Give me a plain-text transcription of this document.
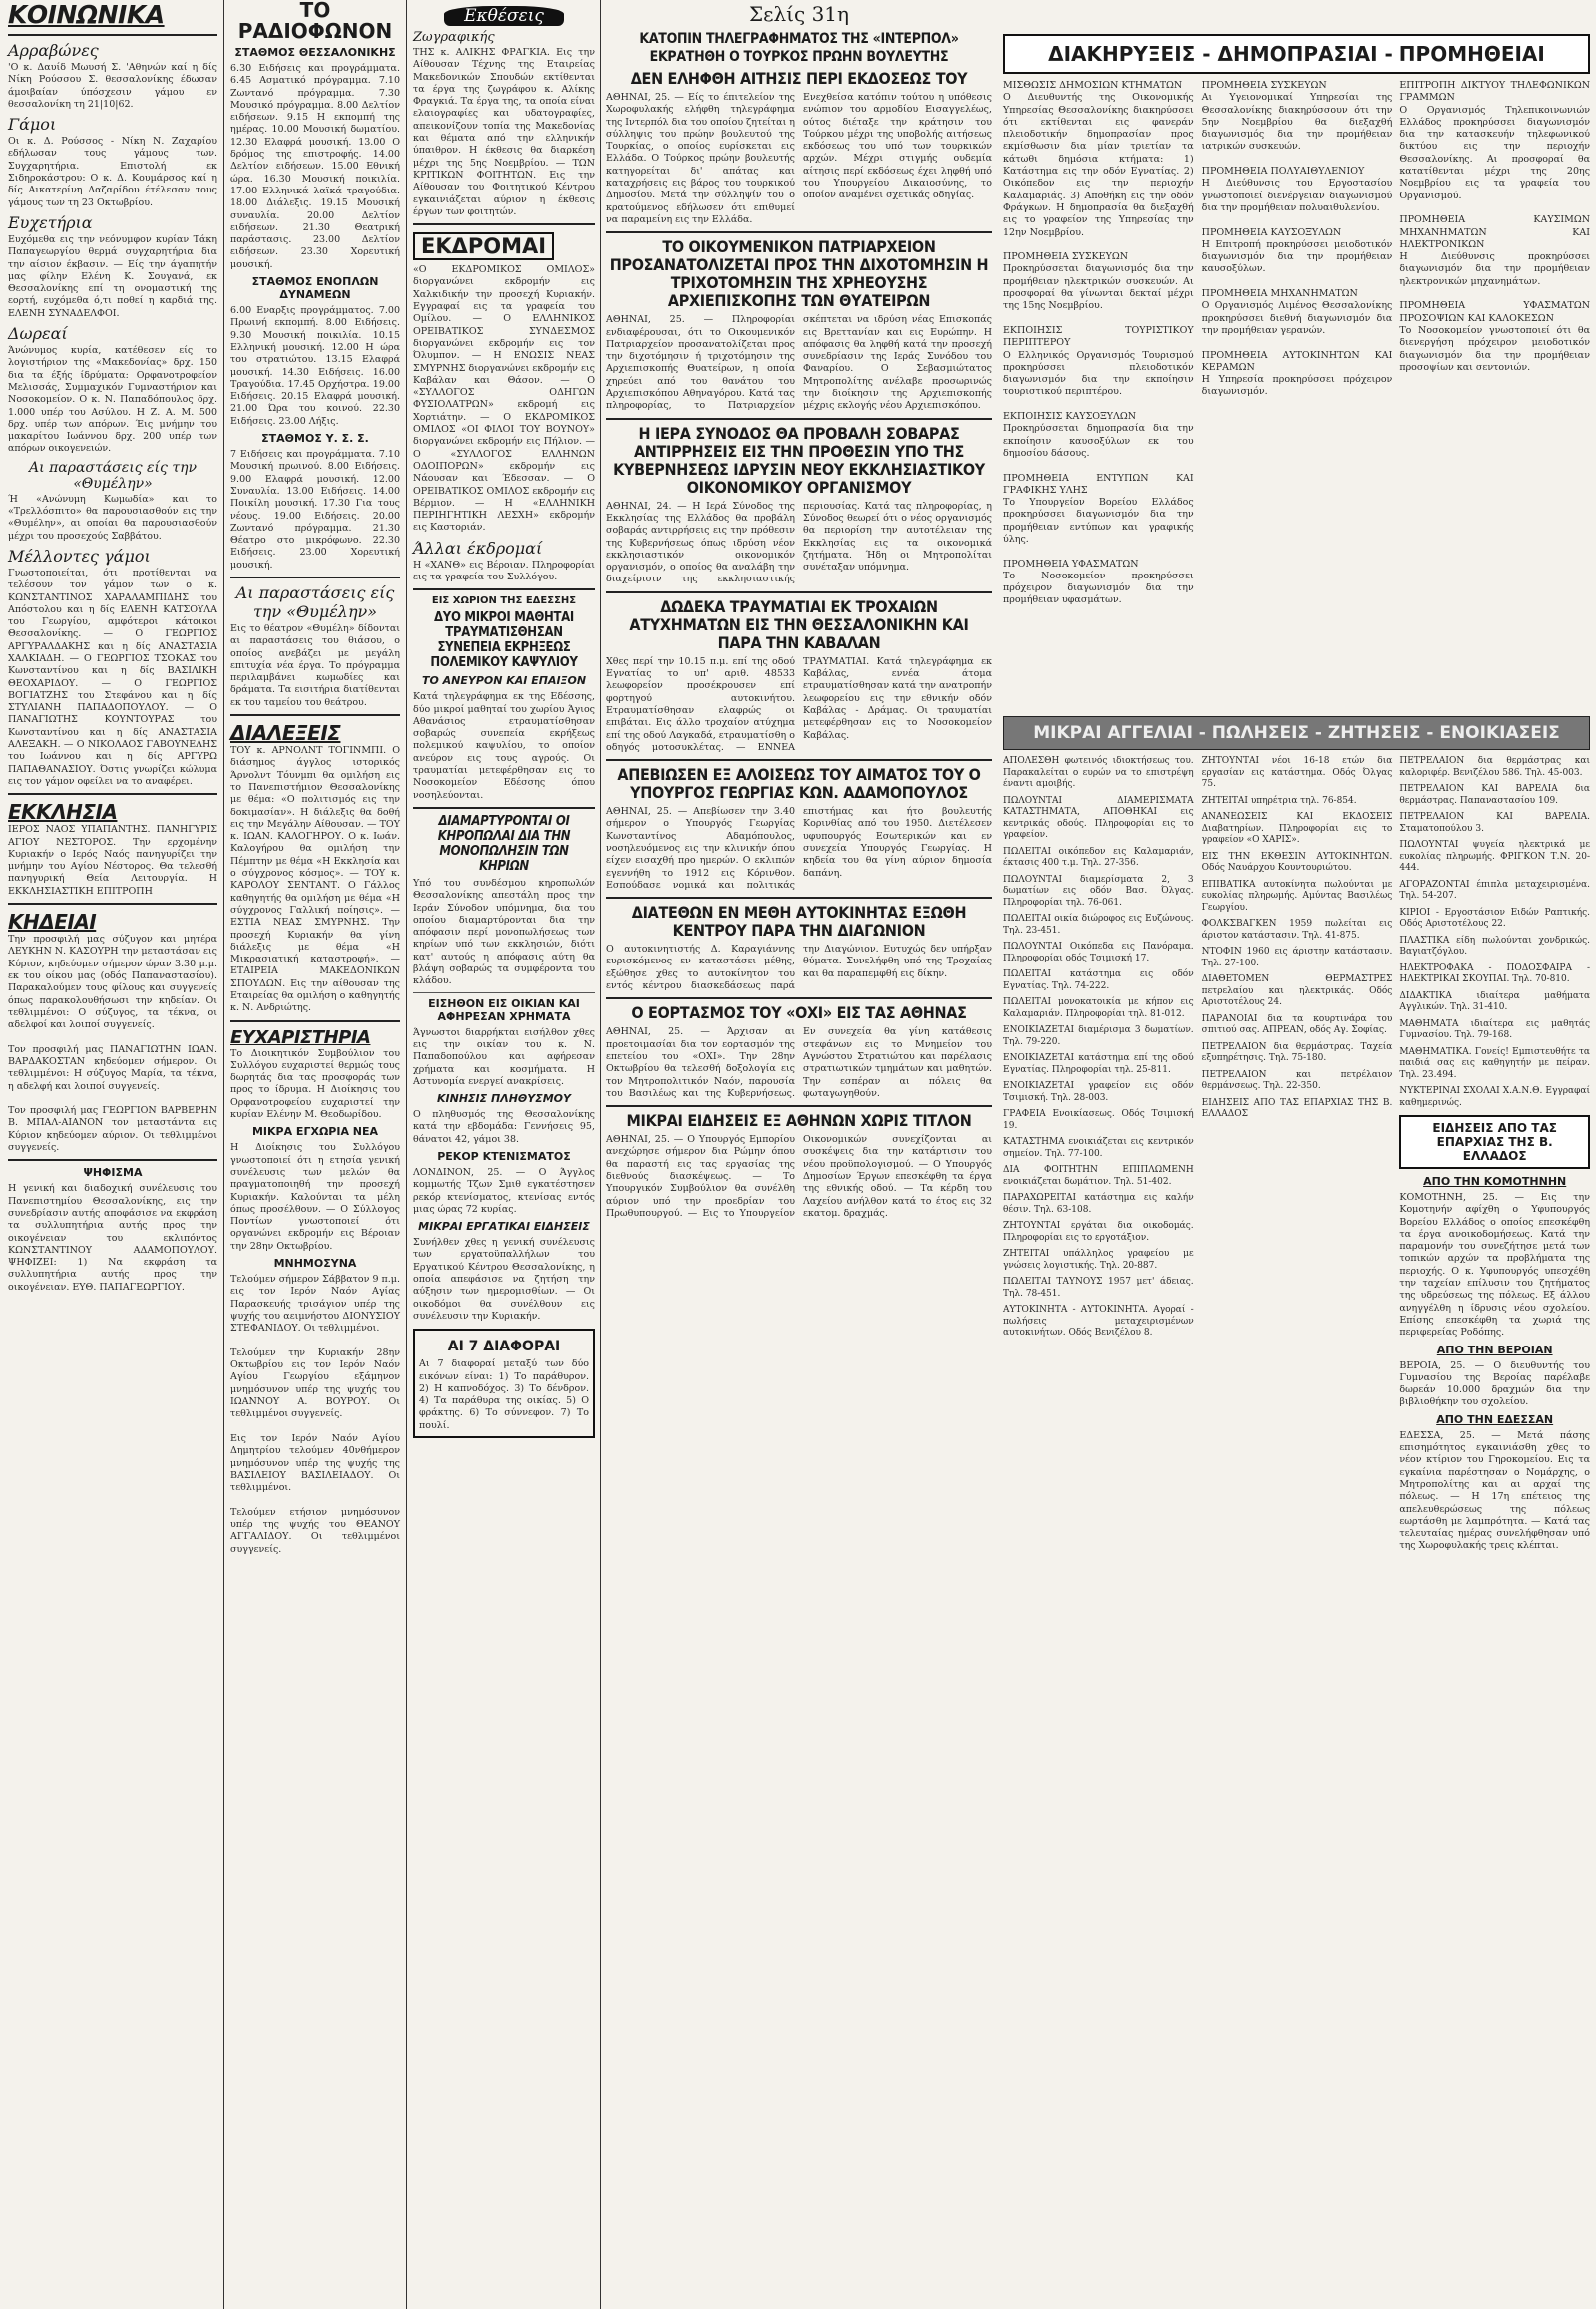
ΚΟΙΝΩΝΙΚΑ
Αρραβώνες
'Ο κ. Δαυίδ Μωυσή Σ. 'Αθηνών καί η δίς Νίκη Ρούσσου Σ. θεσσαλονίκης έδωσαν άμοιβαίαν ύπόσχεσιν γάμου εν θεσσαλονίκη τη 21|10|62.
Γάμοι
Οι κ. Δ. Ρούσσος - Νίκη Ν. Ζαχαρίου εδήλωσαν τους γάμους των. Συγχαρητήρια. Επιστολή εκ Σιδηροκάστρου: Ο κ. Δ. Κουμάρσος καί η δίς Αικατερίνη Λαζαρίδου έτέλεσαν τους γάμους των τη 23 Οκτωβρίου.
Ευχετήρια
Ευχόμεθα εις την νεόνυμφον κυρίαν Τάκη Παπαγεωργίου θερμά συγχαρητήρια δια την αίσιον έκβασιν. — Είς την άγαπητήν μας φίλην Ελένη Κ. Σουγανά, εκ Θεσσαλονίκης επί τη ονομαστική της εορτή, ευχόμεθα ό,τι ποθεί η καρδιά της. ΕΛΕΝΗ ΣΥΝΑΔΕΛΦΟΙ.
Δωρεαί
Άνώνυμος κυρία, κατέθεσεν είς το λογιστήριον της «Μακεδονίας» δρχ. 150 δια τα έξής ίδρύματα: Ορφανοτροφείον Μελισσάς, Συμμαχικόν Γυμναστήριον και Νοσοκομείον. Ο κ. Ν. Παπαδόπουλος δρχ. 1.000 υπέρ του Ασύλου. Η Ζ. Α. Μ. 500 δρχ. υπέρ των απόρων. Έις μνήμην του μακαρίτου Ιωάννου δρχ. 200 υπέρ των απόρων οικογενειών.
Αι παραστάσεις είς την «Θυμέλην»
Ή «Ανώνυμη Κωμωδία» και το «Τρελλόσπιτο» θα παρουσιασθούν εις την «Θυμέλην», αι οποίαι θα παρουσιασθούν μέχρι του προσεχούς Σαββάτου.
Μέλλοντες γάμοι
Γνωστοποιείται, ότι προτίθενται να τελέσουν τον γάμον των ο κ. ΚΩΝΣΤΑΝΤΙΝΟΣ ΧΑΡΑΛΑΜΠΙΔΗΣ του Απόστολου και η δίς ΕΛΕΝΗ ΚΑΤΣΟΥΛΑ του Γεωργίου, αμφότεροι κάτοικοι Θεσσαλονίκης. — Ο ΓΕΩΡΓΙΟΣ ΑΡΓΥΡΑΛΔΑΚΗΣ και η δίς ΑΝΑΣΤΑΣΙΑ ΧΑΛΚΙΑΔΗ. — Ο ΓΕΩΡΓΙΟΣ ΤΣΟΚΑΣ του Κωνσταντίνου και η δίς ΒΑΣΙΛΙΚΗ ΘΕΟΧΑΡΙΔΟΥ. — Ο ΓΕΩΡΓΙΟΣ ΒΟΓΙΑΤΖΗΣ του Στεφάνου και η δίς ΣΤΥΛΙΑΝΗ ΠΑΠΑΔΟΠΟΥΛΟΥ. — Ο ΠΑΝΑΓΙΩΤΗΣ ΚΟΥΝΤΟΥΡΑΣ του Κωνσταντίνου και η δίς ΑΝΑΣΤΑΣΙΑ ΑΛΕΞΑΚΗ. — Ο ΝΙΚΟΛΑΟΣ ΓΑΒΟΥΝΕΛΗΣ του Ιωάννου και η δίς ΑΡΓΥΡΩ ΠΑΠΑΘΑΝΑΣΙΟΥ. Όστις γνωρίζει κώλυμα εις τον γάμον οφείλει να το αναφέρει.
ΕΚΚΛΗΣΙΑ
ΙΕΡΟΣ ΝΑΟΣ ΥΠΑΠΑΝΤΗΣ. ΠΑΝΗΓΥΡΙΣ ΑΓΙΟΥ ΝΕΣΤΟΡΟΣ. Την ερχομένην Κυριακήν ο Ιερός Ναός πανηγυρίζει την μνήμην του Αγίου Νέστορος. Θα τελεσθή πανηγυρική Θεία Λειτουργία. Η ΕΚΚΛΗΣΙΑΣΤΙΚΗ ΕΠΙΤΡΟΠΗ
ΚΗΔΕΙΑΙ
Την προσφιλή μας σύζυγον και μητέρα ΛΕΥΚΗΝ Ν. ΚΑΣΟΥΡΗ την μεταστάσαν εις Κύριον, κηδεύομεν σήμερον ώραν 3.30 μ.μ. εκ του οίκου μας (οδός Παπαναστασίου). Παρακαλούμεν τους φίλους και συγγενείς όπως παρακολουθήσωσι την κηδείαν. Οι τεθλιμμένοι: Ο σύζυγος, τα τέκνα, οι αδελφοί και λοιποί συγγενείς.

Τον προσφιλή μας ΠΑΝΑΓΙΩΤΗΝ ΙΩΑΝ. ΒΑΡΔΑΚΟΣΤΑΝ κηδεύομεν σήμερον. Οι τεθλιμμένοι: Η σύζυγος Μαρία, τα τέκνα, η αδελφή και λοιποί συγγενείς.

Τον προσφιλή μας ΓΕΩΡΓΙΟΝ ΒΑΡΒΕΡΗΝ Β. ΜΠΑΛ-ΑΙΑΝΟΝ τον μεταστάντα εις Κύριον κηδεύομεν αύριον. Οι τεθλιμμένοι συγγενείς.
ΨΗΦΙΣΜΑ
Η γενική και διαδοχική συνέλευσις του Πανεπιστημίου Θεσσαλονίκης, εις την συνεδρίασιν αυτής αποφάσισε να εκφράση τα συλλυπητήρια αυτής προς την οικογένειαν του εκλιπόντος ΚΩΝΣΤΑΝΤΙΝΟΥ ΑΔΑΜΟΠΟΥΛΟΥ. ΨΗΦΙΖΕΙ: 1) Να εκφράση τα συλλυπητήρια αυτής προς την οικογένειαν. ΕΥΘ. ΠΑΠΑΓΕΩΡΓΙΟΥ.
ΤΟ ΡΑΔΙΟΦΩΝΟΝ
ΣΤΑΘΜΟΣ ΘΕΣΣΑΛΟΝΙΚΗΣ
6.30 Ειδήσεις και προγράμματα. 6.45 Ασματικό πρόγραμμα. 7.10 Ζωντανό πρόγραμμα. 7.30 Μουσικό πρόγραμμα. 8.00 Δελτίον ειδήσεων. 9.15 Η εκπομπή της ημέρας. 10.00 Μουσική δωματίου. 12.30 Ελαφρά μουσική. 13.00 Ο δρόμος της επιστροφής. 14.00 Δελτίον ειδήσεων. 15.00 Εθνική ώρα. 16.30 Μουσική ποικιλία. 17.00 Ελληνικά λαϊκά τραγούδια. 18.00 Διάλεξις. 19.15 Μουσική συναυλία. 20.00 Δελτίον ειδήσεων. 21.30 Θεατρική παράστασις. 23.00 Δελτίον ειδήσεων. 23.30 Χορευτική μουσική.
ΣΤΑΘΜΟΣ ΕΝΟΠΛΩΝ ΔΥΝΑΜΕΩΝ
6.00 Εναρξις προγράμματος. 7.00 Πρωινή εκπομπή. 8.00 Ειδήσεις. 9.30 Μουσική ποικιλία. 10.15 Ελληνική μουσική. 12.00 Η ώρα του στρατιώτου. 13.15 Ελαφρά μουσική. 14.30 Ειδήσεις. 16.00 Τραγούδια. 17.45 Ορχήστρα. 19.00 Ειδήσεις. 20.15 Ελαφρά μουσική. 21.00 Ώρα του κοινού. 22.30 Ειδήσεις. 23.00 Λήξις.
ΣΤΑΘΜΟΣ Υ. Σ. Σ.
7 Ειδήσεις και προγράμματα. 7.10 Μουσική πρωινού. 8.00 Ειδήσεις. 9.00 Ελαφρά μουσική. 12.00 Συναυλία. 13.00 Ειδήσεις. 14.00 Ποικίλη μουσική. 17.30 Για τους νέους. 19.00 Ειδήσεις. 20.00 Ζωντανό πρόγραμμα. 21.30 Θέατρο στο μικρόφωνο. 22.30 Ειδήσεις. 23.00 Χορευτική μουσική.
Αι παραστάσεις είς την «Θυμέλην»
Εις το θέατρον «Θυμέλη» δίδονται αι παραστάσεις του θιάσου, ο οποίος ανεβάζει με μεγάλη επιτυχία νέα έργα. Το πρόγραμμα περιλαμβάνει κωμωδίες και δράματα. Τα εισιτήρια διατίθενται εκ του ταμείου του θεάτρου.
ΔΙΑΛΕΞΕΙΣ
ΤΟΥ κ. ΑΡΝΟΛΝΤ ΤΟΓΙΝΜΠΙ. Ο διάσημος άγγλος ιστορικός Άρνολντ Τόυνμπι θα ομιλήση εις το Πανεπιστήμιον Θεσσαλονίκης με θέμα: «Ο πολιτισμός εις την δοκιμασίαν». Η διάλεξις θα δοθή εις την Μεγάλην Αίθουσαν. — ΤΟΥ κ. ΙΩΑΝ. ΚΑΛΟΓΗΡΟΥ. Ο κ. Ιωάν. Καλογήρου θα ομιλήση την Πέμπτην με θέμα «Η Εκκλησία και ο σύγχρονος κόσμος». — ΤΟΥ κ. ΚΑΡΟΛΟΥ ΣΕΝΤΑΝΤ. Ο Γάλλος καθηγητής θα ομιλήση με θέμα «Η σύγχρονος Γαλλική ποίησις». — ΕΣΤΙΑ ΝΕΑΣ ΣΜΥΡΝΗΣ. Την προσεχή Κυριακήν θα γίνη διάλεξις με θέμα «Η Μικρασιατική καταστροφή». — ΕΤΑΙΡΕΙΑ ΜΑΚΕΔΟΝΙΚΩΝ ΣΠΟΥΔΩΝ. Εις την αίθουσαν της Εταιρείας θα ομιλήση ο καθηγητής κ. Ν. Ανδριώτης.
ΕΥΧΑΡΙΣΤΗΡΙΑ
Το Διοικητικόν Συμβούλιον του Συλλόγου ευχαριστεί θερμώς τους δωρητάς δια τας προσφοράς των προς το ίδρυμα. Η Διοίκησις του Ορφανοτροφείου ευχαριστεί την κυρίαν Ελένην Μ. Θεοδωρίδου.
ΜΙΚΡΑ ΕΓΧΩΡΙΑ ΝΕΑ
Η Διοίκησις του Συλλόγου γνωστοποιεί ότι η ετησία γενική συνέλευσις των μελών θα πραγματοποιηθή την προσεχή Κυριακήν. Καλούνται τα μέλη όπως προσέλθουν. — Ο Σύλλογος Ποντίων γνωστοποιεί ότι οργανώνει εκδρομήν εις Βέροιαν την 28ην Οκτωβρίου.
ΜΝΗΜΟΣΥΝΑ
Τελούμεν σήμερον Σάββατον 9 π.μ. εις τον Ιερόν Ναόν Αγίας Παρασκευής τρισάγιον υπέρ της ψυχής του αειμνήστου ΔΙΟΝΥΣΙΟΥ ΣΤΕΦΑΝΙΔΟΥ. Οι τεθλιμμένοι.

Τελούμεν την Κυριακήν 28ην Οκτωβρίου εις τον Ιερόν Ναόν Αγίου Γεωργίου εξάμηνον μνημόσυνον υπέρ της ψυχής του ΙΩΑΝΝΟΥ Α. ΒΟΥΡΟΥ. Οι τεθλιμμένοι συγγενείς.

Εις τον Ιερόν Ναόν Αγίου Δημητρίου τελούμεν 40νθήμερον μνημόσυνον υπέρ της ψυχής της ΒΑΣΙΛΕΙΟΥ ΒΑΣΙΛΕΙΑΔΟΥ. Οι τεθλιμμένοι.

Τελούμεν ετήσιον μνημόσυνον υπέρ της ψυχής του ΘΕΑΝΟΥ ΑΓΓΑΛΙΔΟΥ. Οι τεθλιμμένοι συγγενείς.
Εκθέσεις
Ζωγραφικής
ΤΗΣ κ. ΑΛΙΚΗΣ ΦΡΑΓΚΙΑ. Εις την Αίθουσαν Τέχνης της Εταιρείας Μακεδονικών Σπουδών εκτίθενται τα έργα της ζωγράφου κ. Αλίκης Φραγκιά. Τα έργα της, τα οποία είναι ελαιογραφίες και υδατογραφίες, απεικονίζουν τοπία της Μακεδονίας και θέματα από την ελληνικήν ύπαιθρον. Η έκθεσις θα διαρκέση μέχρι της 5ης Νοεμβρίου. — ΤΩΝ ΚΡΙΤΙΚΩΝ ΦΟΙΤΗΤΩΝ. Εις την Αίθουσαν του Φοιτητικού Κέντρου εγκαινιάζεται αύριον η έκθεσις έργων των φοιτητών.
ΕΚΔΡΟΜΑΙ
«Ο ΕΚΔΡΟΜΙΚΟΣ ΟΜΙΛΟΣ» διοργανώνει εκδρομήν εις Χαλκιδικήν την προσεχή Κυριακήν. Εγγραφαί εις τα γραφεία του Ομίλου. — Ο ΕΛΛΗΝΙΚΟΣ ΟΡΕΙΒΑΤΙΚΟΣ ΣΥΝΔΕΣΜΟΣ διοργανώνει εκδρομήν εις τον Όλυμπον. — Η ΕΝΩΣΙΣ ΝΕΑΣ ΣΜΥΡΝΗΣ διοργανώνει εκδρομήν εις Καβάλαν και Θάσον. — Ο «ΣΥΛΛΟΓΟΣ ΟΔΗΓΩΝ ΦΥΣΙΟΛΑΤΡΩΝ» εκδρομή εις Χορτιάτην. — Ο ΕΚΔΡΟΜΙΚΟΣ ΟΜΙΛΟΣ «ΟΙ ΦΙΛΟΙ ΤΟΥ ΒΟΥΝΟΥ» διοργανώνει εκδρομήν εις Πήλιον. — Ο «ΣΥΛΛΟΓΟΣ ΕΛΛΗΝΩΝ ΟΔΟΙΠΟΡΩΝ» εκδρομήν εις Νάουσαν και Έδεσσαν. — Ο ΟΡΕΙΒΑΤΙΚΟΣ ΟΜΙΛΟΣ εκδρομήν εις Βέρμιον. — Η «ΕΛΛΗΝΙΚΗ ΠΕΡΙΗΓΗΤΙΚΗ ΛΕΣΧΗ» εκδρομήν εις Καστοριάν.
Άλλαι έκδρομαί
Η «ΧΑΝΘ» εις Βέροιαν. Πληροφορίαι εις τα γραφεία του Συλλόγου.
ΕΙΣ ΧΩΡΙΟΝ ΤΗΣ ΕΔΕΣΣΗΣ
ΔΥΟ ΜΙΚΡΟΙ ΜΑΘΗΤΑΙ ΤΡΑΥΜΑΤΙΣΘΗΣΑΝ ΣΥΝΕΠΕΙΑ ΕΚΡΗΞΕΩΣ ΠΟΛΕΜΙΚΟΥ ΚΑΨΥΛΙΟΥ
ΤΟ ΑΝΕΥΡΟΝ ΚΑΙ ΕΠΑΙΞΟΝ
Κατά τηλεγράφημα εκ της Εδέσσης, δύο μικροί μαθηταί του χωρίου Άγιος Αθανάσιος ετραυματίσθησαν σοβαρώς συνεπεία εκρήξεως πολεμικού καψυλίου, το οποίον ανεύρον εις τους αγρούς. Οι τραυματίαι μετεφέρθησαν εις το Νοσοκομείον Εδέσσης όπου νοσηλεύονται.
ΔΙΑΜΑΡΤΥΡΟΝΤΑΙ ΟΙ ΚΗΡΟΠΩΛΑΙ ΔΙΑ ΤΗΝ ΜΟΝΟΠΩΛΗΣΙΝ ΤΩΝ ΚΗΡΙΩΝ
Υπό του συνδέσμου κηροπωλών Θεσσαλονίκης απεστάλη προς την Ιεράν Σύνοδον υπόμνημα, δια του οποίου διαμαρτύρονται δια την απόφασιν περί μονοπωλήσεως των κηρίων υπό των εκκλησιών, διότι κατ' αυτούς η απόφασις αύτη θα βλάψη σοβαρώς τα συμφέροντα του κλάδου.
ΕΙΣΗΘΟΝ ΕΙΣ ΟΙΚΙΑΝ ΚΑΙ ΑΦΗΡΕΣΑΝ ΧΡΗΜΑΤΑ
Άγνωστοι διαρρήκται εισήλθον χθες εις την οικίαν του κ. Ν. Παπαδοπούλου και αφήρεσαν χρήματα και κοσμήματα. Η Αστυνομία ενεργεί ανακρίσεις.
ΚΙΝΗΣΙΣ ΠΛΗΘΥΣΜΟΥ
Ο πληθυσμός της Θεσσαλονίκης κατά την εβδομάδα: Γεννήσεις 95, θάνατοι 42, γάμοι 38.
ΡΕΚΟΡ ΚΤΕΝΙΣΜΑΤΟΣ
ΛΟΝΔΙΝΟΝ, 25. — Ο Άγγλος κομμωτής Τζων Σμιθ εγκατέστησεν ρεκόρ κτενίσματος, κτενίσας εντός μιας ώρας 72 κυρίας.
ΜΙΚΡΑΙ ΕΡΓΑΤΙΚΑΙ ΕΙΔΗΣΕΙΣ
Συνήλθεν χθες η γενική συνέλευσις των εργατοϋπαλλήλων του Εργατικού Κέντρου Θεσσαλονίκης, η οποία απεφάσισε να ζητήση την αύξησιν των ημερομισθίων. — Οι οικοδόμοι θα συνέλθουν εις συνέλευσιν την Κυριακήν.
ΑΙ 7 ΔΙΑΦΟΡΑΙ
Αι 7 διαφοραί μεταξύ των δύο εικόνων είναι: 1) Το παράθυρον. 2) Η καπνοδόχος. 3) Το δένδρον. 4) Τα παράθυρα της οικίας. 5) Ο φράκτης. 6) Το σύννεφον. 7) Το πουλί.
Σελίς 31η
ΚΑΤΟΠΙΝ ΤΗΛΕΓΡΑΦΗΜΑΤΟΣ ΤΗΣ «ΙΝΤΕΡΠΟΛ» ΕΚΡΑΤΗΘΗ Ο ΤΟΥΡΚΟΣ ΠΡΩΗΝ ΒΟΥΛΕΥΤΗΣ
ΔΕΝ ΕΛΗΦΘΗ ΑΙΤΗΣΙΣ ΠΕΡΙ ΕΚΔΟΣΕΩΣ ΤΟΥ
ΑΘΗΝΑΙ, 25. — Είς το έπιτελείον της Χωροφυλακής ελήφθη τηλεγράφημα της Ιντερπόλ δια του οποίου ζητείται η σύλληψις του πρώην βουλευτού της Τουρκίας, ο οποίος ευρίσκεται εις Ελλάδα. Ο Τούρκος πρώην βουλευτής κατηγορείται δι' απάτας και καταχρήσεις εις βάρος του τουρκικού Δημοσίου. Μετά την σύλληψίν του ο κρατούμενος εδήλωσεν ότι επιθυμεί να παραμείνη εις την Ελλάδα.
Ενεχθείσα κατόπιν τούτου η υπόθεσις ενώπιον του αρμοδίου Εισαγγελέως, ούτος διέταξε την κράτησιν του Τούρκου μέχρι της υποβολής αιτήσεως εκδόσεως του υπό των τουρκικών αρχών. Μέχρι στιγμής ουδεμία αίτησις περί εκδόσεως έχει ληφθή υπό του Υπουργείου Δικαιοσύνης, το οποίον αναμένει σχετικάς οδηγίας.
ΤΟ ΟΙΚΟΥΜΕΝΙΚΟΝ ΠΑΤΡΙΑΡΧΕΙΟΝ ΠΡΟΣΑΝΑΤΟΛΙΖΕΤΑΙ ΠΡΟΣ ΤΗΝ ΔΙΧΟΤΟΜΗΣΙΝ Η ΤΡΙΧΟΤΟΜΗΣΙΝ ΤΗΣ ΧΡΗΕΟΥΣΗΣ ΑΡΧΙΕΠΙΣΚΟΠΗΣ ΤΩΝ ΘΥΑΤΕΙΡΩΝ
ΑΘΗΝΑΙ, 25. — Πληροφορίαι ενδιαφέρουσαι, ότι το Οικουμενικόν Πατριαρχείον προσανατολίζεται προς την διχοτόμησιν ή τριχοτόμησιν της Αρχιεπισκοπής Θυατείρων, η οποία χηρεύει από του θανάτου του Αρχιεπισκόπου Αθηναγόρου. Κατά τας πληροφορίας, το Πατριαρχείον σκέπτεται να ιδρύση νέας Επισκοπάς εις Βρεττανίαν και εις Ευρώπην. Η απόφασις θα ληφθή κατά την προσεχή συνεδρίασιν της Ιεράς Συνόδου του Φαναρίου. Ο Σεβασμιώτατος Μητροπολίτης ανέλαβε προσωρινώς την διοίκησιν της Αρχιεπισκοπής μέχρις εκλογής νέου Αρχιεπισκόπου.
Η ΙΕΡΑ ΣΥΝΟΔΟΣ ΘΑ ΠΡΟΒΑΛΗ ΣΟΒΑΡΑΣ ΑΝΤΙΡΡΗΣΕΙΣ ΕΙΣ ΤΗΝ ΠΡΟΘΕΣΙΝ ΥΠΟ ΤΗΣ ΚΥΒΕΡΝΗΣΕΩΣ ΙΔΡΥΣΙΝ ΝΕΟΥ ΕΚΚΛΗΣΙΑΣΤΙΚΟΥ ΟΙΚΟΝΟΜΙΚΟΥ ΟΡΓΑΝΙΣΜΟΥ
ΑΘΗΝΑΙ, 24. — Η Ιερά Σύνοδος της Εκκλησίας της Ελλάδος θα προβάλη σοβαράς αντιρρήσεις εις την πρόθεσιν της Κυβερνήσεως όπως ιδρύση νέον εκκλησιαστικόν οικονομικόν οργανισμόν, ο οποίος θα αναλάβη την διαχείρισιν της εκκλησιαστικής περιουσίας. Κατά τας πληροφορίας, η Σύνοδος θεωρεί ότι ο νέος οργανισμός θα περιορίση την αυτοτέλειαν της Εκκλησίας εις τα οικονομικά ζητήματα. Ήδη οι Μητροπολίται συνέταξαν υπόμνημα.
ΔΩΔΕΚΑ ΤΡΑΥΜΑΤΙΑΙ ΕΚ ΤΡΟΧΑΙΩΝ ΑΤΥΧΗΜΑΤΩΝ ΕΙΣ ΤΗΝ ΘΕΣΣΑΛΟΝΙΚΗΝ ΚΑΙ ΠΑΡΑ ΤΗΝ ΚΑΒΑΛΑΝ
Χθες περί την 10.15 π.μ. επί της οδού Εγνατίας το υπ' αριθ. 48533 λεωφορείον προσέκρουσεν επί φορτηγού αυτοκινήτου. Ετραυματίσθησαν ελαφρώς οι επιβάται. Εις άλλο τροχαίον ατύχημα επί της οδού Λαγκαδά, ετραυματίσθη ο οδηγός μοτοσυκλέτας. — ΕΝΝΕΑ ΤΡΑΥΜΑΤΙΑΙ. Κατά τηλεγράφημα εκ Καβάλας, εννέα άτομα ετραυματίσθησαν κατά την ανατροπήν λεωφορείου εις την εθνικήν οδόν Καβάλας - Δράμας. Οι τραυματίαι μετεφέρθησαν εις το Νοσοκομείον Καβάλας.
ΑΠΕΒΙΩΣΕΝ ΕΞ ΑΛΟΙΣΕΩΣ ΤΟΥ ΑΙΜΑΤΟΣ ΤΟΥ Ο ΥΠΟΥΡΓΟΣ ΓΕΩΡΓΙΑΣ ΚΩΝ. ΑΔΑΜΟΠΟΥΛΟΣ
ΑΘΗΝΑΙ, 25. — Απεβίωσεν την 3.40 σήμερον ο Υπουργός Γεωργίας Κωνσταντίνος Αδαμόπουλος, νοσηλευόμενος εις την κλινικήν όπου είχεν εισαχθή προ ημερών. Ο εκλιπών εγεννήθη το 1912 εις Κόρινθον. Εσπούδασε νομικά και πολιτικάς επιστήμας και ήτο βουλευτής Κορινθίας από του 1950. Διετέλεσεν υφυπουργός Εσωτερικών και εν συνεχεία Υπουργός Γεωργίας. Η κηδεία του θα γίνη αύριον δημοσία δαπάνη.
ΔΙΑΤΕΘΩΝ ΕΝ ΜΕΘΗ ΑΥΤΟΚΙΝΗΤΑΣ ΕΞΩΘΗ ΚΕΝΤΡΟΥ ΠΑΡΑ ΤΗΝ ΔΙΑΓΩΝΙΟΝ
Ο αυτοκινητιστής Δ. Καραγιάννης ευρισκόμενος εν καταστάσει μέθης, εξώθησε χθες το αυτοκίνητον του εντός κέντρου διασκεδάσεως παρά την Διαγώνιον. Ευτυχώς δεν υπήρξαν θύματα. Συνελήφθη υπό της Τροχαίας και θα παραπεμφθή εις δίκην.
Ο ΕΟΡΤΑΣΜΟΣ ΤΟΥ «ΟΧΙ» ΕΙΣ ΤΑΣ ΑΘΗΝΑΣ
ΑΘΗΝΑΙ, 25. — Άρχισαν αι προετοιμασίαι δια τον εορτασμόν της επετείου του «ΟΧΙ». Την 28ην Οκτωβρίου θα τελεσθή δοξολογία εις τον Μητροπολιτικόν Ναόν, παρουσία του Βασιλέως και της Κυβερνήσεως. Εν συνεχεία θα γίνη κατάθεσις στεφάνων εις το Μνημείον του Αγνώστου Στρατιώτου και παρέλασις στρατιωτικών τμημάτων και μαθητών. Την εσπέραν αι πόλεις θα φωταγωγηθούν.
ΜΙΚΡΑΙ ΕΙΔΗΣΕΙΣ ΕΞ ΑΘΗΝΩΝ ΧΩΡΙΣ ΤΙΤΛΟΝ
ΑΘΗΝΑΙ, 25. — Ο Υπουργός Εμπορίου ανεχώρησε σήμερον δια Ρώμην όπου θα παραστή εις τας εργασίας της διεθνούς διασκέψεως. — Το Υπουργικόν Συμβούλιον θα συνέλθη αύριον υπό την προεδρίαν του Πρωθυπουργού. — Εις το Υπουργείον Οικονομικών συνεχίζονται αι συσκέψεις δια την κατάρτισιν του νέου προϋπολογισμού. — Ο Υπουργός Δημοσίων Έργων επεσκέφθη τα έργα της εθνικής οδού. — Τα κέρδη του Λαχείου ανήλθον κατά το έτος εις 32 εκατομ. δραχμάς.
ΔΙΑΚΗΡΥΞΕΙΣ - ΔΗΜΟΠΡΑΣΙΑΙ - ΠΡΟΜΗΘΕΙΑΙ
ΜΙΣΘΩΣΙΣ ΔΗΜΟΣΙΩΝ ΚΤΗΜΑΤΩΝ
Ο Διευθυντής της Οικονομικής Υπηρεσίας Θεσσαλονίκης διακηρύσσει ότι εκτίθενται εις φανεράν πλειοδοτικήν δημοπρασίαν προς εκμίσθωσιν δια μίαν τριετίαν τα κάτωθι δημόσια κτήματα: 1) Κατάστημα εις την οδόν Εγνατίας. 2) Οικόπεδον εις την περιοχήν Καλαμαριάς. 3) Αποθήκη εις την οδόν Φράγκων. Η δημοπρασία θα διεξαχθή εις το γραφείον της Υπηρεσίας την 12ην Νοεμβρίου.

ΠΡΟΜΗΘΕΙΑ ΣΥΣΚΕΥΩΝ
Προκηρύσσεται διαγωνισμός δια την προμήθειαν ηλεκτρικών συσκευών. Αι προσφοραί θα γίνωνται δεκταί μέχρι της 15ης Νοεμβρίου.

ΕΚΠΟΙΗΣΙΣ ΤΟΥΡΙΣΤΙΚΟΥ ΠΕΡΙΠΤΕΡΟΥ
Ο Ελληνικός Οργανισμός Τουρισμού προκηρύσσει πλειοδοτικόν διαγωνισμόν δια την εκποίησιν τουριστικού περιπτέρου.

ΕΚΠΟΙΗΣΙΣ ΚΑΥΣΟΞΥΛΩΝ
Προκηρύσσεται δημοπρασία δια την εκποίησιν καυσοξύλων εκ του δημοσίου δάσους.

ΠΡΟΜΗΘΕΙΑ ΕΝΤΥΠΩΝ ΚΑΙ ΓΡΑΦΙΚΗΣ ΥΛΗΣ
Το Υπουργείον Βορείου Ελλάδος προκηρύσσει διαγωνισμόν δια την προμήθειαν εντύπων και γραφικής ύλης.

ΠΡΟΜΗΘΕΙΑ ΥΦΑΣΜΑΤΩΝ
Το Νοσοκομείον προκηρύσσει πρόχειρον διαγωνισμόν δια την προμήθειαν υφασμάτων.
ΠΡΟΜΗΘΕΙΑ ΣΥΣΚΕΥΩΝ
Αι Υγειονομικαί Υπηρεσίαι της Θεσσαλονίκης διακηρύσσουν ότι την 5ην Νοεμβρίου θα διεξαχθή διαγωνισμός δια την προμήθειαν ιατρικών συσκευών.

ΠΡΟΜΗΘΕΙΑ ΠΟΛΥΑΙΘΥΛΕΝΙΟΥ
Η Διεύθυνσις του Εργοστασίου γνωστοποιεί διενέργειαν διαγωνισμού δια την προμήθειαν πολυαιθυλενίου.

ΠΡΟΜΗΘΕΙΑ ΚΑΥΣΟΞΥΛΩΝ
Η Επιτροπή προκηρύσσει μειοδοτικόν διαγωνισμόν δια την προμήθειαν καυσοξύλων.

ΠΡΟΜΗΘΕΙΑ ΜΗΧΑΝΗΜΑΤΩΝ
Ο Οργανισμός Λιμένος Θεσσαλονίκης προκηρύσσει διεθνή διαγωνισμόν δια την προμήθειαν γερανών.

ΠΡΟΜΗΘΕΙΑ ΑΥΤΟΚΙΝΗΤΩΝ ΚΑΙ ΚΕΡΑΜΩΝ
Η Υπηρεσία προκηρύσσει πρόχειρον διαγωνισμόν.
ΕΠΙΤΡΟΠΗ ΔΙΚΤΥΟΥ ΤΗΛΕΦΩΝΙΚΩΝ ΓΡΑΜΜΩΝ
Ο Οργανισμός Τηλεπικοινωνιών Ελλάδος προκηρύσσει διαγωνισμόν δια την κατασκευήν τηλεφωνικού δικτύου εις την περιοχήν Θεσσαλονίκης. Αι προσφοραί θα κατατίθενται μέχρι της 20ης Νοεμβρίου εις τα γραφεία του Οργανισμού.

ΠΡΟΜΗΘΕΙΑ ΚΑΥΣΙΜΩΝ ΜΗΧΑΝΗΜΑΤΩΝ ΚΑΙ ΗΛΕΚΤΡΟΝΙΚΩΝ
Η Διεύθυνσις προκηρύσσει διαγωνισμόν δια την προμήθειαν ηλεκτρονικών μηχανημάτων.

ΠΡΟΜΗΘΕΙΑ ΥΦΑΣΜΑΤΩΝ ΠΡΟΣΟΨΙΩΝ ΚΑΙ ΚΑΛΟΚΕΣΩΝ
Το Νοσοκομείον γνωστοποιεί ότι θα διενεργήση πρόχειρον μειοδοτικόν διαγωνισμόν δια την προμήθειαν προσοψίων και σεντονιών.
ΜΙΚΡΑΙ ΑΓΓΕΛΙΑΙ - ΠΩΛΗΣΕΙΣ - ΖΗΤΗΣΕΙΣ - ΕΝΟΙΚΙΑΣΕΙΣ
ΑΠΟΛΕΣΘΗ φωτεινός ιδιοκτήσεως του. Παρακαλείται ο ευρών να το επιστρέψη έναντι αμοιβής.
ΠΩΛΟΥΝΤΑΙ ΔΙΑΜΕΡΙΣΜΑΤΑ ΚΑΤΑΣΤΗΜΑΤΑ, ΑΠΟΘΗΚΑΙ εις κεντρικάς οδούς. Πληροφορίαι εις το γραφείον.
ΠΩΛΕΙΤΑΙ οικόπεδον εις Καλαμαριάν, έκτασις 400 τ.μ. Τηλ. 27-356.
ΠΩΛΟΥΝΤΑΙ διαμερίσματα 2, 3 δωματίων εις οδόν Βασ. Όλγας. Πληροφορίαι τηλ. 76-061.
ΠΩΛΕΙΤΑΙ οικία διώροφος εις Ευζώνους. Τηλ. 23-451.
ΠΩΛΟΥΝΤΑΙ Οικόπεδα εις Πανόραμα. Πληροφορίαι οδός Τσιμισκή 17.
ΠΩΛΕΙΤΑΙ κατάστημα εις οδόν Εγνατίας. Τηλ. 74-222.
ΠΩΛΕΙΤΑΙ μονοκατοικία με κήπον εις Καλαμαριάν. Πληροφορίαι τηλ. 81-012.
ΕΝΟΙΚΙΑΖΕΤΑΙ διαμέρισμα 3 δωματίων. Τηλ. 79-220.
ΕΝΟΙΚΙΑΖΕΤΑΙ κατάστημα επί της οδού Εγνατίας. Πληροφορίαι τηλ. 25-811.
ΕΝΟΙΚΙΑΖΕΤΑΙ γραφείον εις οδόν Τσιμισκή. Τηλ. 28-003.
ΓΡΑΦΕΙΑ Ενοικίασεως. Οδός Τσιμισκή 19.
ΚΑΤΑΣΤΗΜΑ ενοικιάζεται εις κεντρικόν σημείον. Τηλ. 77-100.
ΔΙΑ ΦΟΙΤΗΤΗΝ ΕΠΙΠΛΩΜΕΝΗ ενοικιάζεται δωμάτιον. Τηλ. 51-402.
ΠΑΡΑΧΩΡΕΙΤΑΙ κατάστημα εις καλήν θέσιν. Τηλ. 63-108.
ΖΗΤΟΥΝΤΑΙ εργάται δια οικοδομάς. Πληροφορίαι εις το εργοτάξιον.
ΖΗΤΕΙΤΑΙ υπάλληλος γραφείου με γνώσεις λογιστικής. Τηλ. 20-887.
ΠΩΛΕΙΤΑΙ ΤΑΥΝΟΥΣ 1957 μετ' άδειας. Τηλ. 78-451.
ΑΥΤΟΚΙΝΗΤΑ - ΑΥΤΟΚΙΝΗΤΑ. Αγοραί - πωλήσεις μεταχειρισμένων αυτοκινήτων. Οδός Βενιζέλου 8.
ΖΗΤΟΥΝΤΑΙ νέοι 16-18 ετών δια εργασίαν εις κατάστημα. Οδός Όλγας 75.
ΖΗΤΕΙΤΑΙ υπηρέτρια τηλ. 76-854.
ΑΝΑΝΕΩΣΕΙΣ ΚΑΙ ΕΚΔΟΣΕΙΣ Διαβατηρίων. Πληροφορίαι εις το γραφείον «Ο ΧΑΡΙΣ».
ΕΙΣ ΤΗΝ ΕΚΘΕΣΙΝ ΑΥΤΟΚΙΝΗΤΩΝ. Οδός Ναυάρχου Κουντουριώτου.
ΕΠΙΒΑΤΙΚΑ αυτοκίνητα πωλούνται με ευκολίας πληρωμής. Αμύντας Βασιλέως Γεωργίου.
ΦΟΛΚΣΒΑΓΚΕΝ 1959 πωλείται εις άριστον κατάστασιν. Τηλ. 41-875.
ΝΤΟΦΙΝ 1960 εις άριστην κατάστασιν. Τηλ. 27-100.
ΔΙΑΘΕΤΟΜΕΝ ΘΕΡΜΑΣΤΡΕΣ πετρελαίου και ηλεκτρικάς. Οδός Αριστοτέλους 24.
ΠΑΡΑΝΟΙΑΙ δια τα κουρτινάρα του σπιτιού σας. ΑΠΡΕΑΝ, οδός Αγ. Σοφίας.
ΠΕΤΡΕΛΑΙΟΝ δια θερμάστρας. Ταχεία εξυπηρέτησις. Τηλ. 75-180.
ΠΕΤΡΕΛΑΙΟΝ και πετρέλαιον θερμάνσεως. Τηλ. 22-350.
ΕΙΔΗΣΕΙΣ ΑΠΟ ΤΑΣ ΕΠΑΡΧΙΑΣ ΤΗΣ Β. ΕΛΛΑΔΟΣ
ΠΕΤΡΕΛΑΙΟΝ δια θερμάστρας και καλοριφέρ. Βενιζέλου 586. Τηλ. 45-003.
ΠΕΤΡΕΛΑΙΟΝ ΚΑΙ ΒΑΡΕΛΙΑ δια θερμάστρας. Παπαναστασίου 109.
ΠΕΤΡΕΛΑΙΟΝ ΚΑΙ ΒΑΡΕΛΙΑ. Σταματοπούλου 3.
ΠΩΛΟΥΝΤΑΙ ψυγεία ηλεκτρικά με ευκολίας πληρωμής. ΦΡΙΓΚΟΝ Τ.Ν. 20-444.
ΑΓΟΡΑΖΟΝΤΑΙ έπιπλα μεταχειρισμένα. Τηλ. 54-207.
ΚΙΡΙΟΙ - Εργοστάσιον Ειδών Ραπτικής. Οδός Αριστοτέλους 22.
ΠΛΑΣΤΙΚΑ είδη πωλούνται χονδρικώς. Βαγιατζόγλου.
ΗΛΕΚΤΡΟΦΑΚΑ - ΠΟΔΟΣΦΑΙΡΑ - ΗΛΕΚΤΡΙΚΑΙ ΣΚΟΥΠΑΙ. Τηλ. 70-810.
ΔΙΔΑΚΤΙΚΑ ιδιαίτερα μαθήματα Αγγλικών. Τηλ. 31-410.
ΜΑΘΗΜΑΤΑ ιδιαίτερα εις μαθητάς Γυμνασίου. Τηλ. 79-168.
ΜΑΘΗΜΑΤΙΚΑ. Γονείς! Εμπιστευθήτε τα παιδιά σας εις καθηγητήν με πείραν. Τηλ. 23.494.
ΝΥΚΤΕΡΙΝΑΙ ΣΧΟΛΑΙ Χ.Α.Ν.Θ. Εγγραφαί καθημερινώς.
ΕΙΔΗΣΕΙΣ ΑΠΟ ΤΑΣ ΕΠΑΡΧΙΑΣ ΤΗΣ Β. ΕΛΛΑΔΟΣ
ΑΠΟ ΤΗΝ ΚΟΜΟΤΗΝΗΝ
ΚΟΜΟΤΗΝΗ, 25. — Εις την Κομοτηνήν αφίχθη ο Υφυπουργός Βορείου Ελλάδος ο οποίος επεσκέφθη τα έργα ανοικοδομήσεως. Κατά την παραμονήν του συνεζήτησε μετά των τοπικών αρχών τα προβλήματα της περιοχής. Ο κ. Υφυπουργός υπεσχέθη την ταχείαν επίλυσιν του ζητήματος της υδρεύσεως της πόλεως. Εξ άλλου ανηγγέλθη η ίδρυσις νέου σχολείου. Επίσης επεσκέφθη τα χωριά της περιφερείας Ροδόπης.
ΑΠΟ ΤΗΝ ΒΕΡΟΙΑΝ
ΒΕΡΟΙΑ, 25. — Ο διευθυντής του Γυμνασίου της Βεροίας παρέλαβε δωρεάν 10.000 δραχμών δια την βιβλιοθήκην του σχολείου.
ΑΠΟ ΤΗΝ ΕΔΕΣΣΑΝ
ΕΔΕΣΣΑ, 25. — Μετά πάσης επισημότητος εγκαινιάσθη χθες το νέον κτίριον του Γηροκομείου. Εις τα εγκαίνια παρέστησαν ο Νομάρχης, ο Μητροπολίτης και αι αρχαί της πόλεως. — Η 17η επέτειος της απελευθερώσεως της πόλεως εωρτάσθη με λαμπρότητα. — Κατά τας τελευταίας ημέρας συνελήφθησαν υπό της Χωροφυλακής τρεις κλέπται.
